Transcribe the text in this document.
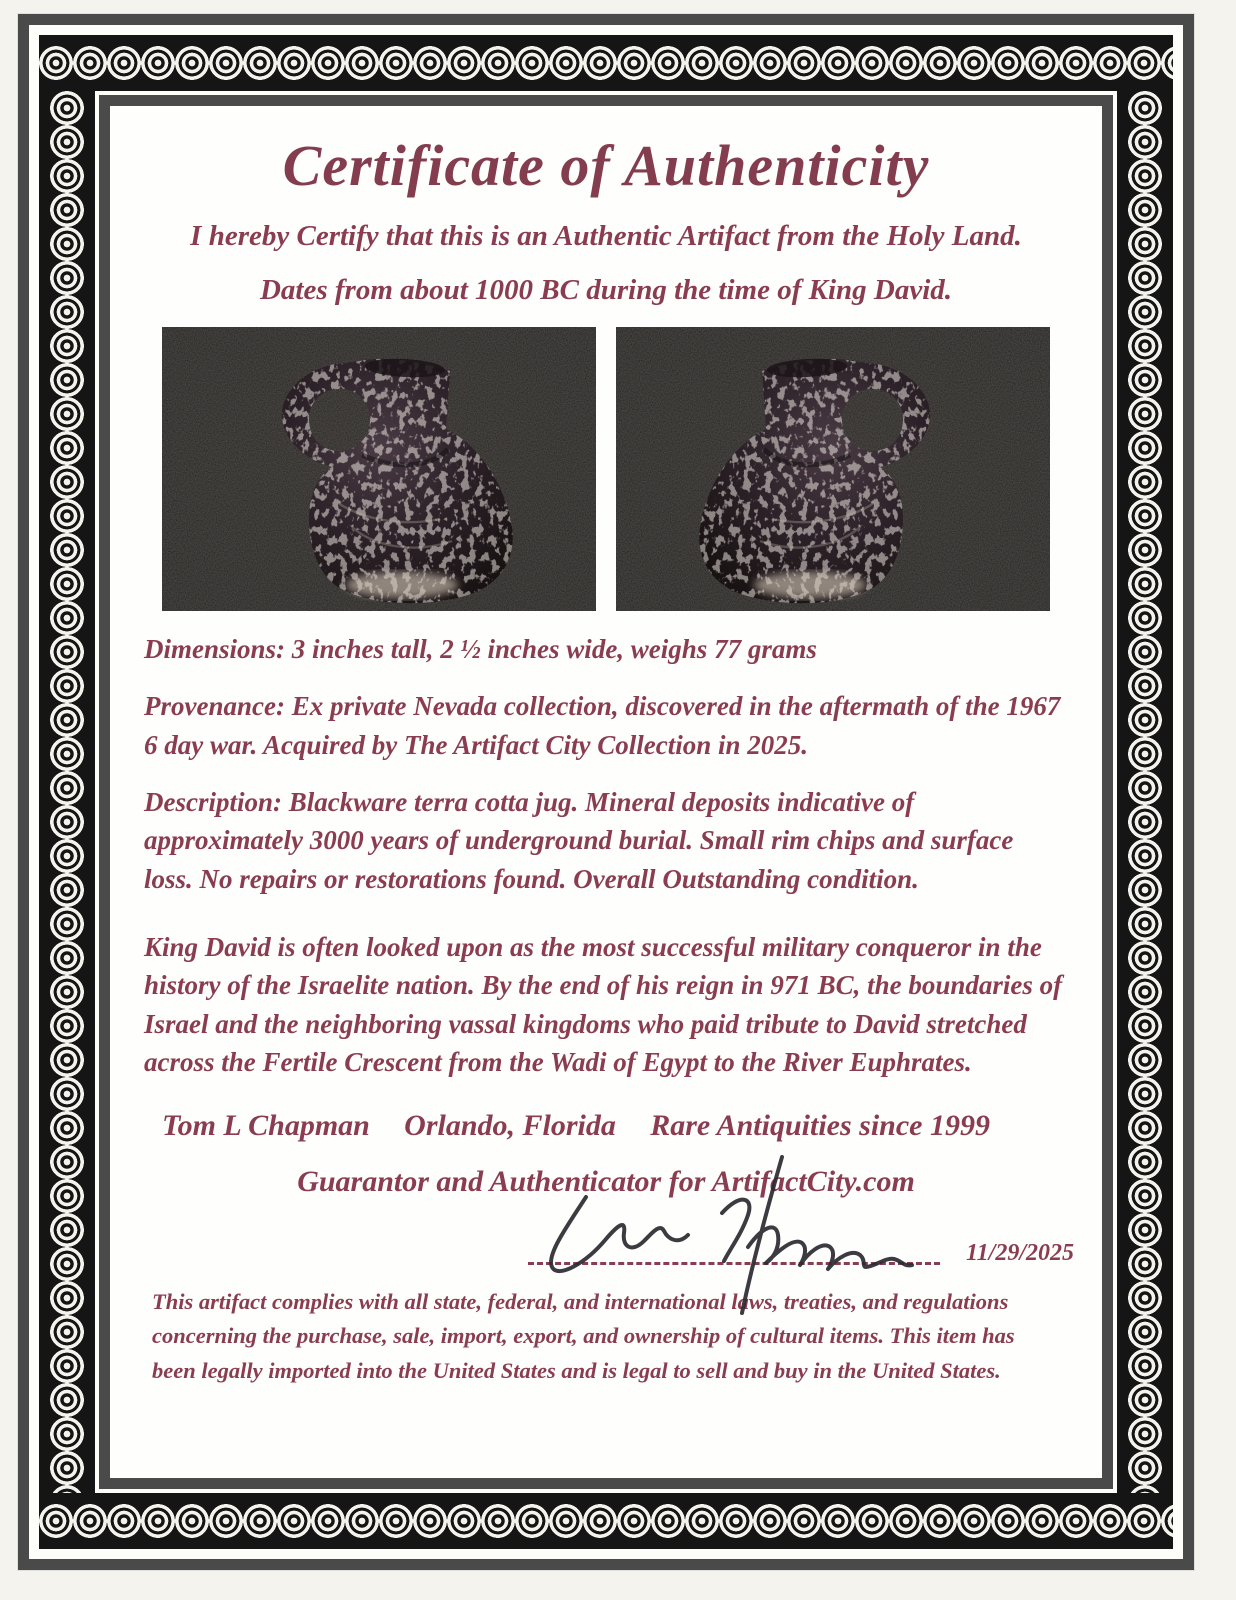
Certificate of Authenticity

I hereby Certify that this is an Authentic Artifact from the Holy Land.

Dates from about 1000 BC during the time of King David.

Dimensions: 3 inches tall, 2 ½ inches wide, weighs 77 grams

Provenance: Ex private Nevada collection, discovered in the aftermath of the 1967 6 day war. Acquired by The Artifact City Collection in 2025.

Description: Blackware terra cotta jug. Mineral deposits indicative of approximately 3000 years of underground burial. Small rim chips and surface loss. No repairs or restorations found. Overall Outstanding condition.

King David is often looked upon as the most successful military conqueror in the history of the Israelite nation. By the end of his reign in 971 BC, the boundaries of Israel and the neighboring vassal kingdoms who paid tribute to David stretched across the Fertile Crescent from the Wadi of Egypt to the River Euphrates.

Tom L Chapman Orlando, Florida Rare Antiquities since 1999

Guarantor and Authenticator for ArtifactCity.com

11/29/2025

This artifact complies with all state, federal, and international laws, treaties, and regulations concerning the purchase, sale, import, export, and ownership of cultural items. This item has been legally imported into the United States and is legal to sell and buy in the United States.
